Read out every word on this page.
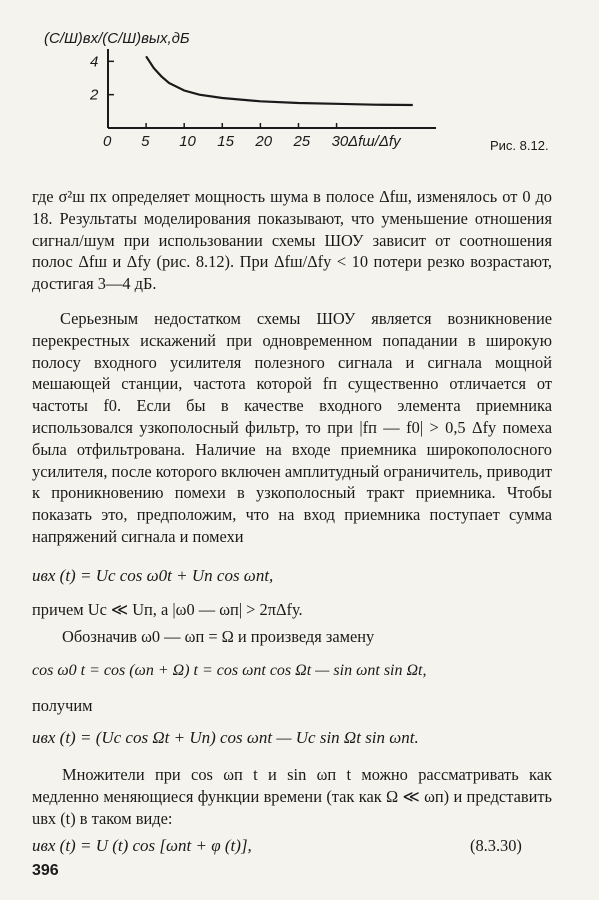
(С/Ш)вх/(С/Ш)вых,дБ
0 5 10 15 20 25 30
2
4
Δfш/Δfу	Рис. 8.12.
где σ²ш пх определяет мощность шума в полосе Δfш, изменялось от 0 до 18. Результаты моделирования показывают, что уменьшение отношения сигнал/шум при использовании схемы ШОУ зависит от соотношения полос Δfш и Δfу (рис. 8.12). При Δfш/Δfу < 10 потери резко возрастают, достигая 3—4 дБ.
Серьезным недостатком схемы ШОУ является возникновение перекрестных искажений при одновременном попадании в широкую полосу входного усилителя полезного сигнала и сигнала мощной мешающей станции, частота которой fп существенно отличается от частоты f0. Если бы в качестве входного элемента приемника использовался узкополосный фильтр, то при |fп — f0| > 0,5 Δfу помеха была отфильтрована. Наличие на входе приемника широкополосного усилителя, после которого включен амплитудный ограничитель, приводит к проникновению помехи в узкополосный тракт приемника. Чтобы показать это, предположим, что на вход приемника поступает сумма напряжений сигнала и помехи
uвх (t) = Uс cos ω0t + Uп cos ωпt,
причем Uс ≪ Uп, а |ω0 — ωп| > 2πΔfу.
Обозначив ω0 — ωп = Ω и произведя замену
cos ω0 t = cos (ωп + Ω) t = cos ωпt cos Ωt — sin ωпt sin Ωt,
получим
uвх (t) = (Uс cos Ωt + Uп) cos ωпt — Uс sin Ωt sin ωпt.
Множители при cos ωп t и sin ωп t можно рассматривать как медленно меняющиеся функции времени (так как Ω ≪ ωп) и представить uвх (t) в таком виде:
uвх (t) = U (t) cos [ωпt + φ (t)],	(8.3.30)
396
